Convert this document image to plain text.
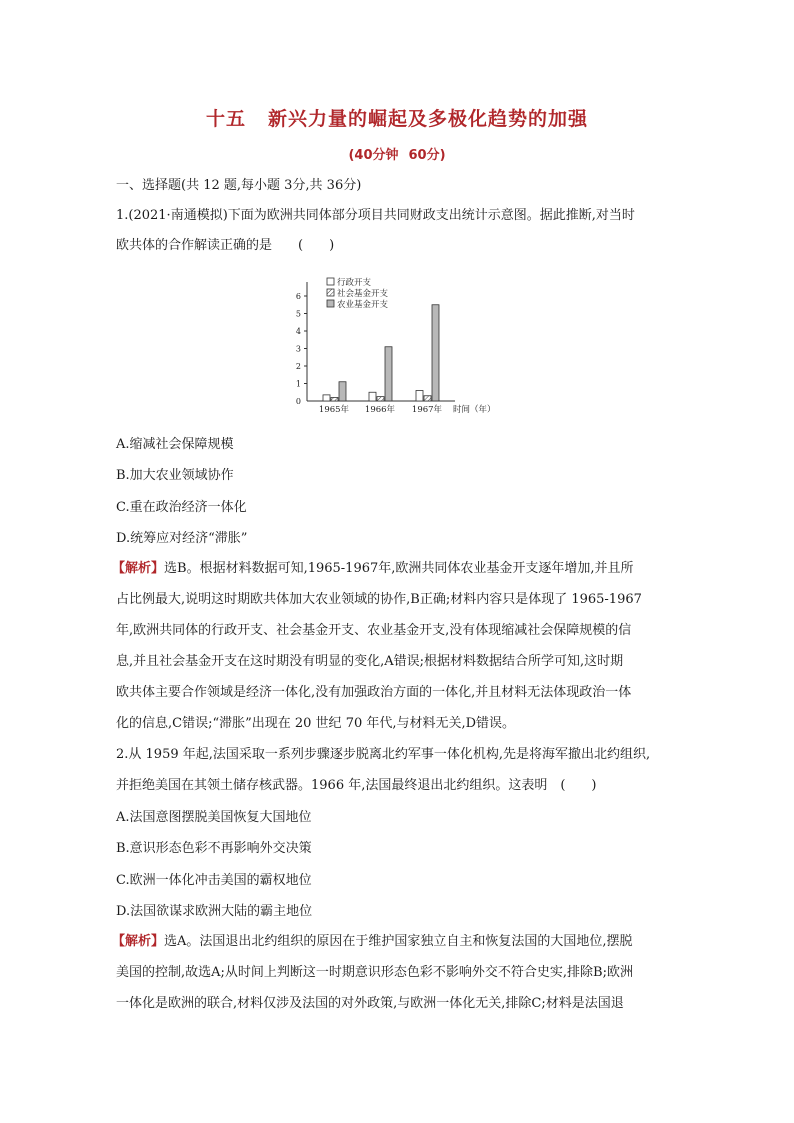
十五 新兴力量的崛起及多极化趋势的加强
(40分钟 60分)
一、选择题(共 12 题,每小题 3分,共 36分)
1.(2021·南通模拟)下面为欧洲共同体部分项目共同财政支出统计示意图。据此推断,对当时
欧共体的合作解读正确的是　　(　　)
0
1
2
3
4
5
6
行政开支
社会基金开支
农业基金开支
1965年 1966年 1967年 时间（年）
A.缩减社会保障规模
B.加大农业领域协作
C.重在政治经济一体化
D.统筹应对经济“滞胀”
【解析】选B。根据材料数据可知,1965-1967年,欧洲共同体农业基金开支逐年增加,并且所
占比例最大,说明这时期欧共体加大农业领域的协作,B正确;材料内容只是体现了 1965-1967
年,欧洲共同体的行政开支、社会基金开支、农业基金开支,没有体现缩减社会保障规模的信
息,并且社会基金开支在这时期没有明显的变化,A错误;根据材料数据结合所学可知,这时期
欧共体主要合作领域是经济一体化,没有加强政治方面的一体化,并且材料无法体现政治一体
化的信息,C错误;“滞胀”出现在 20 世纪 70 年代,与材料无关,D错误。
2.从 1959 年起,法国采取一系列步骤逐步脱离北约军事一体化机构,先是将海军撤出北约组织,
并拒绝美国在其领土储存核武器。1966 年,法国最终退出北约组织。这表明　(　　)
A.法国意图摆脱美国恢复大国地位
B.意识形态色彩不再影响外交决策
C.欧洲一体化冲击美国的霸权地位
D.法国欲谋求欧洲大陆的霸主地位
【解析】选A。法国退出北约组织的原因在于维护国家独立自主和恢复法国的大国地位,摆脱
美国的控制,故选A;从时间上判断这一时期意识形态色彩不影响外交不符合史实,排除B;欧洲
一体化是欧洲的联合,材料仅涉及法国的对外政策,与欧洲一体化无关,排除C;材料是法国退
